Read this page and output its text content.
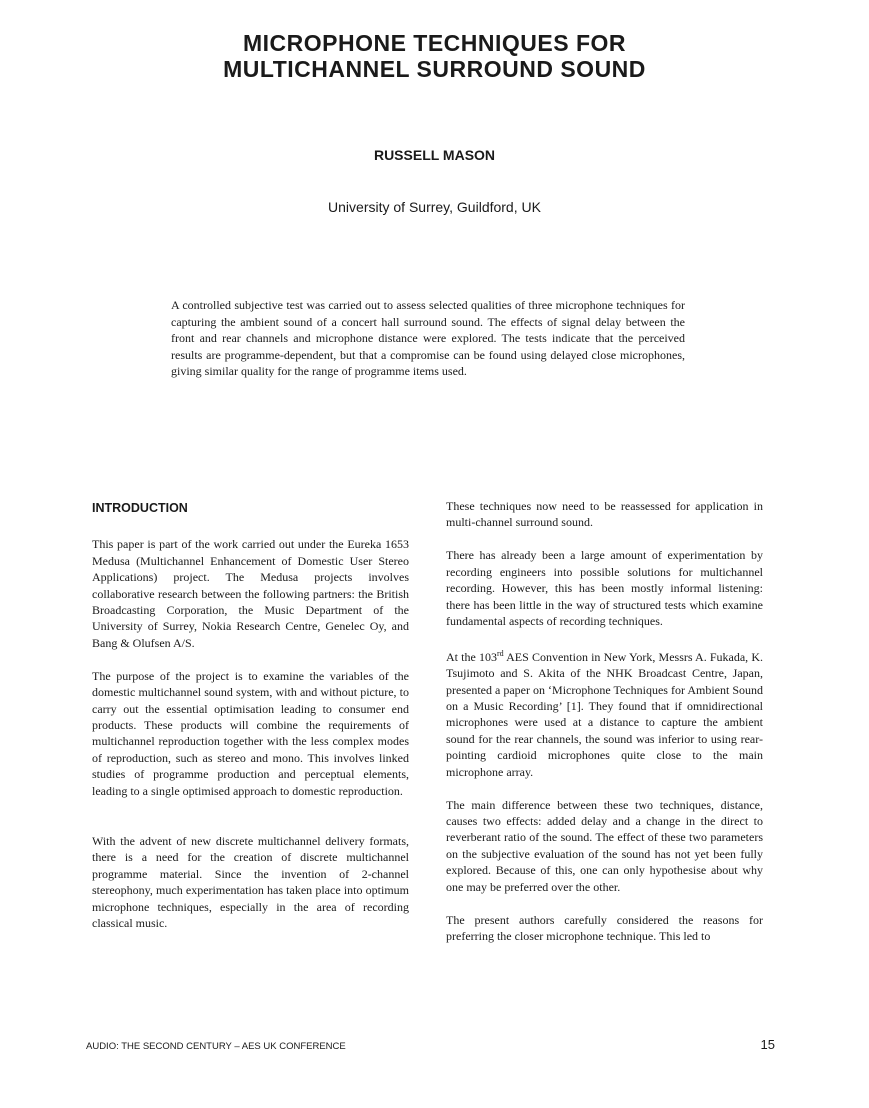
MICROPHONE TECHNIQUES FOR
MULTICHANNEL SURROUND SOUND
RUSSELL MASON
University of Surrey, Guildford, UK
A controlled subjective test was carried out to assess selected qualities of three microphone techniques for capturing the ambient sound of a concert hall surround sound. The effects of signal delay between the front and rear channels and microphone distance were explored. The tests indicate that the perceived results are programme-dependent, but that a compromise can be found using delayed close microphones, giving similar quality for the range of programme items used.
INTRODUCTION

This paper is part of the work carried out under the Eureka 1653 Medusa (Multichannel Enhancement of Domestic User Stereo Applications) project. The Medusa projects involves collaborative research between the following partners: the British Broadcasting Corporation, the Music Department of the University of Surrey, Nokia Research Centre, Genelec Oy, and Bang & Olufsen A/S.

The purpose of the project is to examine the variables of the domestic multichannel sound system, with and without picture, to carry out the essential optimisation leading to consumer end products. These products will combine the requirements of multichannel reproduction together with the less complex modes of reproduction, such as stereo and mono. This involves linked studies of programme production and perceptual elements, leading to a single optimised approach to domestic reproduction.

With the advent of new discrete multichannel delivery formats, there is a need for the creation of discrete multichannel programme material. Since the invention of 2-channel stereophony, much experimentation has taken place into optimum microphone techniques, especially in the area of recording classical music.

These techniques now need to be reassessed for application in multi-channel surround sound.

There has already been a large amount of experimentation by recording engineers into possible solutions for multichannel recording. However, this has been mostly informal listening: there has been little in the way of structured tests which examine fundamental aspects of recording techniques.

At the 103rd AES Convention in New York, Messrs A. Fukada, K. Tsujimoto and S. Akita of the NHK Broadcast Centre, Japan, presented a paper on ‘Microphone Techniques for Ambient Sound on a Music Recording’ [1]. They found that if omnidirectional microphones were used at a distance to capture the ambient sound for the rear channels, the sound was inferior to using rear-pointing cardioid microphones quite close to the main microphone array.

The main difference between these two techniques, distance, causes two effects: added delay and a change in the direct to reverberant ratio of the sound. The effect of these two parameters on the subjective evaluation of the sound has not yet been fully explored. Because of this, one can only hypothesise about why one may be preferred over the other.

The present authors carefully considered the reasons for preferring the closer microphone technique. This led to

AUDIO: THE SECOND CENTURY – AES UK CONFERENCE	15
